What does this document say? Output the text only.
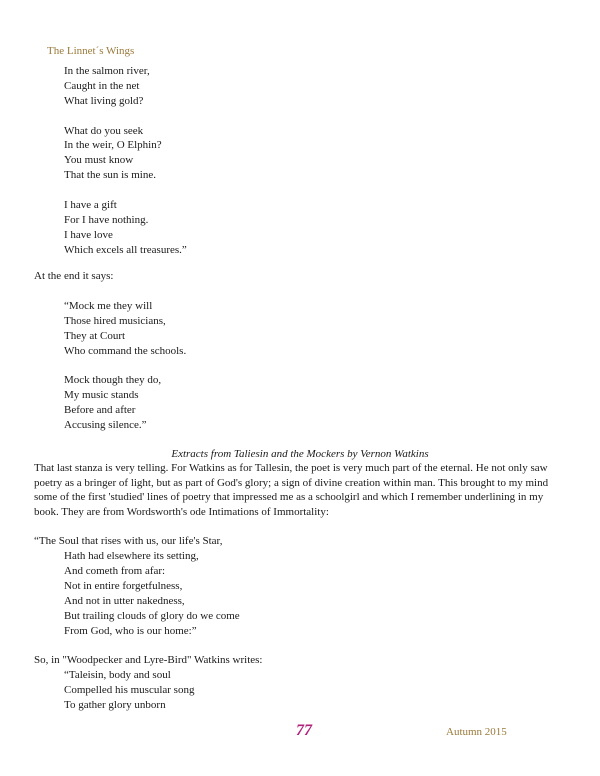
The Linnet´s Wings
In the salmon river,
Caught in the net
What living gold?
What do you seek
In the weir, O Elphin?
You must know
That the sun is mine.
I have a gift
For I have nothing.
I have love
Which excels all treasures.”
At the end it says:
“Mock me they will
Those hired musicians,
They at Court
Who command the schools.
Mock though they do,
My music stands
Before and after
Accusing silence.”
Extracts from Taliesin and the Mockers by Vernon Watkins
That last stanza is very telling. For Watkins as for Tallesin, the poet is very much part of the eternal. He not only saw poetry as a bringer of light, but as part of God's glory; a sign of divine creation within man. This brought to my mind some of the first 'studied' lines of poetry that impressed me as a schoolgirl and which I remember underlining in my book. They are from Wordsworth's ode Intimations of Immortality:
“The Soul that rises with us, our life's Star,
Hath had elsewhere its setting,
And cometh from afar:
Not in entire forgetfulness,
And not in utter nakedness,
But trailing clouds of glory do we come
From God, who is our home:”
So, in "Woodpecker and Lyre-Bird" Watkins writes:
“Taleisin, body and soul
Compelled his muscular song
To gather glory unborn
77	Autumn 2015
